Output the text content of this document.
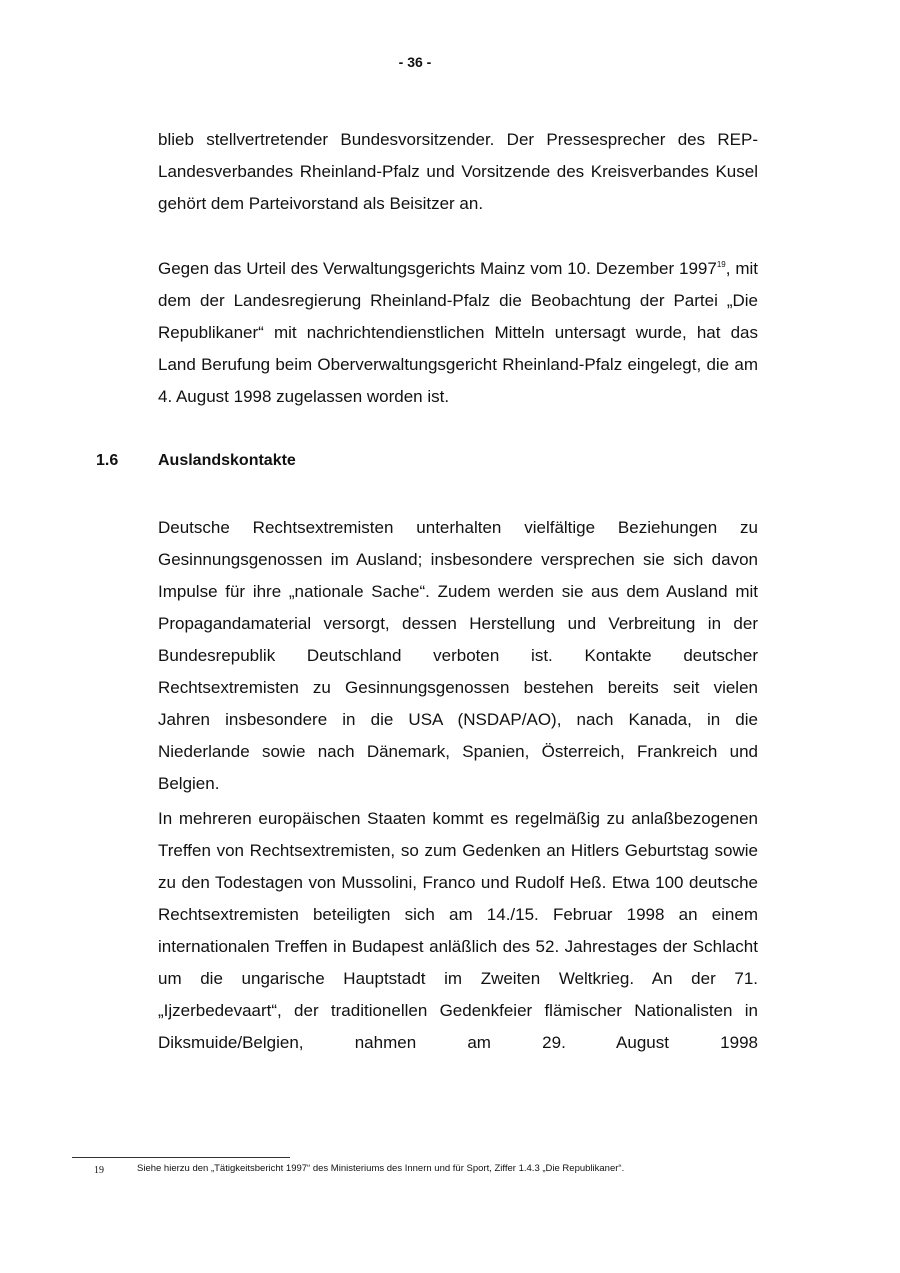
- 36 -

blieb stellvertretender Bundesvorsitzender. Der Pressesprecher des REP-Landesverbandes Rheinland-Pfalz und Vorsitzende des Kreisverbandes Kusel gehört dem Parteivorstand als Beisitzer an.

Gegen das Urteil des Verwaltungsgerichts Mainz vom 10. Dezember 1997$^{19}$, mit dem der Landesregierung Rheinland-Pfalz die Beobachtung der Partei „Die Republikaner“ mit nachrichtendienstlichen Mitteln untersagt wurde, hat das Land Berufung beim Oberverwaltungsgericht Rheinland-Pfalz eingelegt, die am 4. August 1998 zugelassen worden ist.

1.6 Auslandskontakte

Deutsche Rechtsextremisten unterhalten vielfältige Beziehungen zu Gesinnungsgenossen im Ausland; insbesondere versprechen sie sich davon Impulse für ihre „nationale Sache“. Zudem werden sie aus dem Ausland mit Propagandamaterial versorgt, dessen Herstellung und Verbreitung in der Bundesrepublik Deutschland verboten ist. Kontakte deutscher Rechtsextremisten zu Gesinnungsgenossen bestehen bereits seit vielen Jahren insbesondere in die USA (NSDAP/AO), nach Kanada, in die Niederlande sowie nach Dänemark, Spanien, Österreich, Frankreich und Belgien.

In mehreren europäischen Staaten kommt es regelmäßig zu anlaßbezogenen Treffen von Rechtsextremisten, so zum Gedenken an Hitlers Geburtstag sowie zu den Todestagen von Mussolini, Franco und Rudolf Heß. Etwa 100 deutsche Rechtsextremisten beteiligten sich am 14./15. Februar 1998 an einem internationalen Treffen in Budapest anläßlich des 52. Jahrestages der Schlacht um die ungarische Hauptstadt im Zweiten Weltkrieg. An der 71. „Ijzerbedevaart“, der traditionellen Gedenkfeier flämischer Nationalisten in Diksmuide/Belgien, nahmen am 29. August 1998

19	Siehe hierzu den „Tätigkeitsbericht 1997“ des Ministeriums des Innern und für Sport, Ziffer 1.4.3 „Die Republikaner“.
